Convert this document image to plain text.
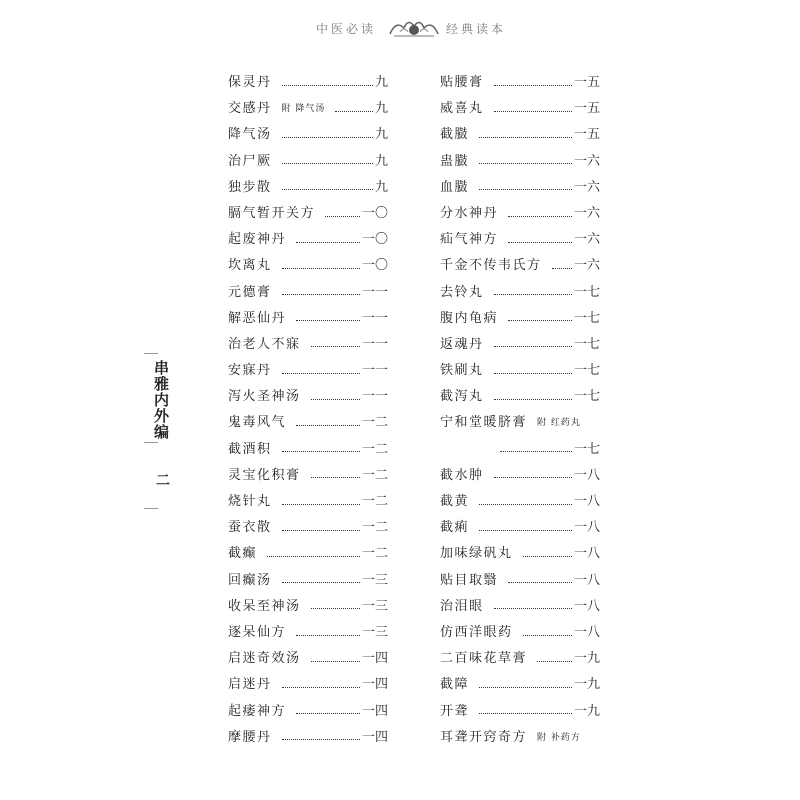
中医必读	经典读本
串雅内外编
二
保灵丹	九
交感丹 附 降气汤	九
降气汤	九
治尸厥	九
独步散	九
膈气暂开关方	一〇
起废神丹	一〇
坎离丸	一〇
元德膏	一一
解恶仙丹	一一
治老人不寐	一一
安寐丹	一一
泻火圣神汤	一一
鬼毒风气	一二
截酒积	一二
灵宝化积膏	一二
烧针丸	一二
蚕衣散	一二
截癫	一二
回癫汤	一三
收呆至神汤	一三
逐呆仙方	一三
启迷奇效汤	一四
启迷丹	一四
起痿神方	一四
摩腰丹	一四
贴腰膏	一五
威喜丸	一五
截臌	一五
蛊臌	一六
血臌	一六
分水神丹	一六
疝气神方	一六
千金不传韦氏方 一六
去铃丸	一七
腹内龟病	一七
返魂丹	一七
铁刷丸	一七
截泻丸	一七
宁和堂暖脐膏 附 红药丸
一七
截水肿	一八
截黄	一八
截痢	一八
加味绿矾丸	一八
贴目取翳	一八
治泪眼	一八
仿西洋眼药	一八
二百味花草膏	一九
截障	一九
开聋	一九
耳聋开窍奇方 附 补药方
